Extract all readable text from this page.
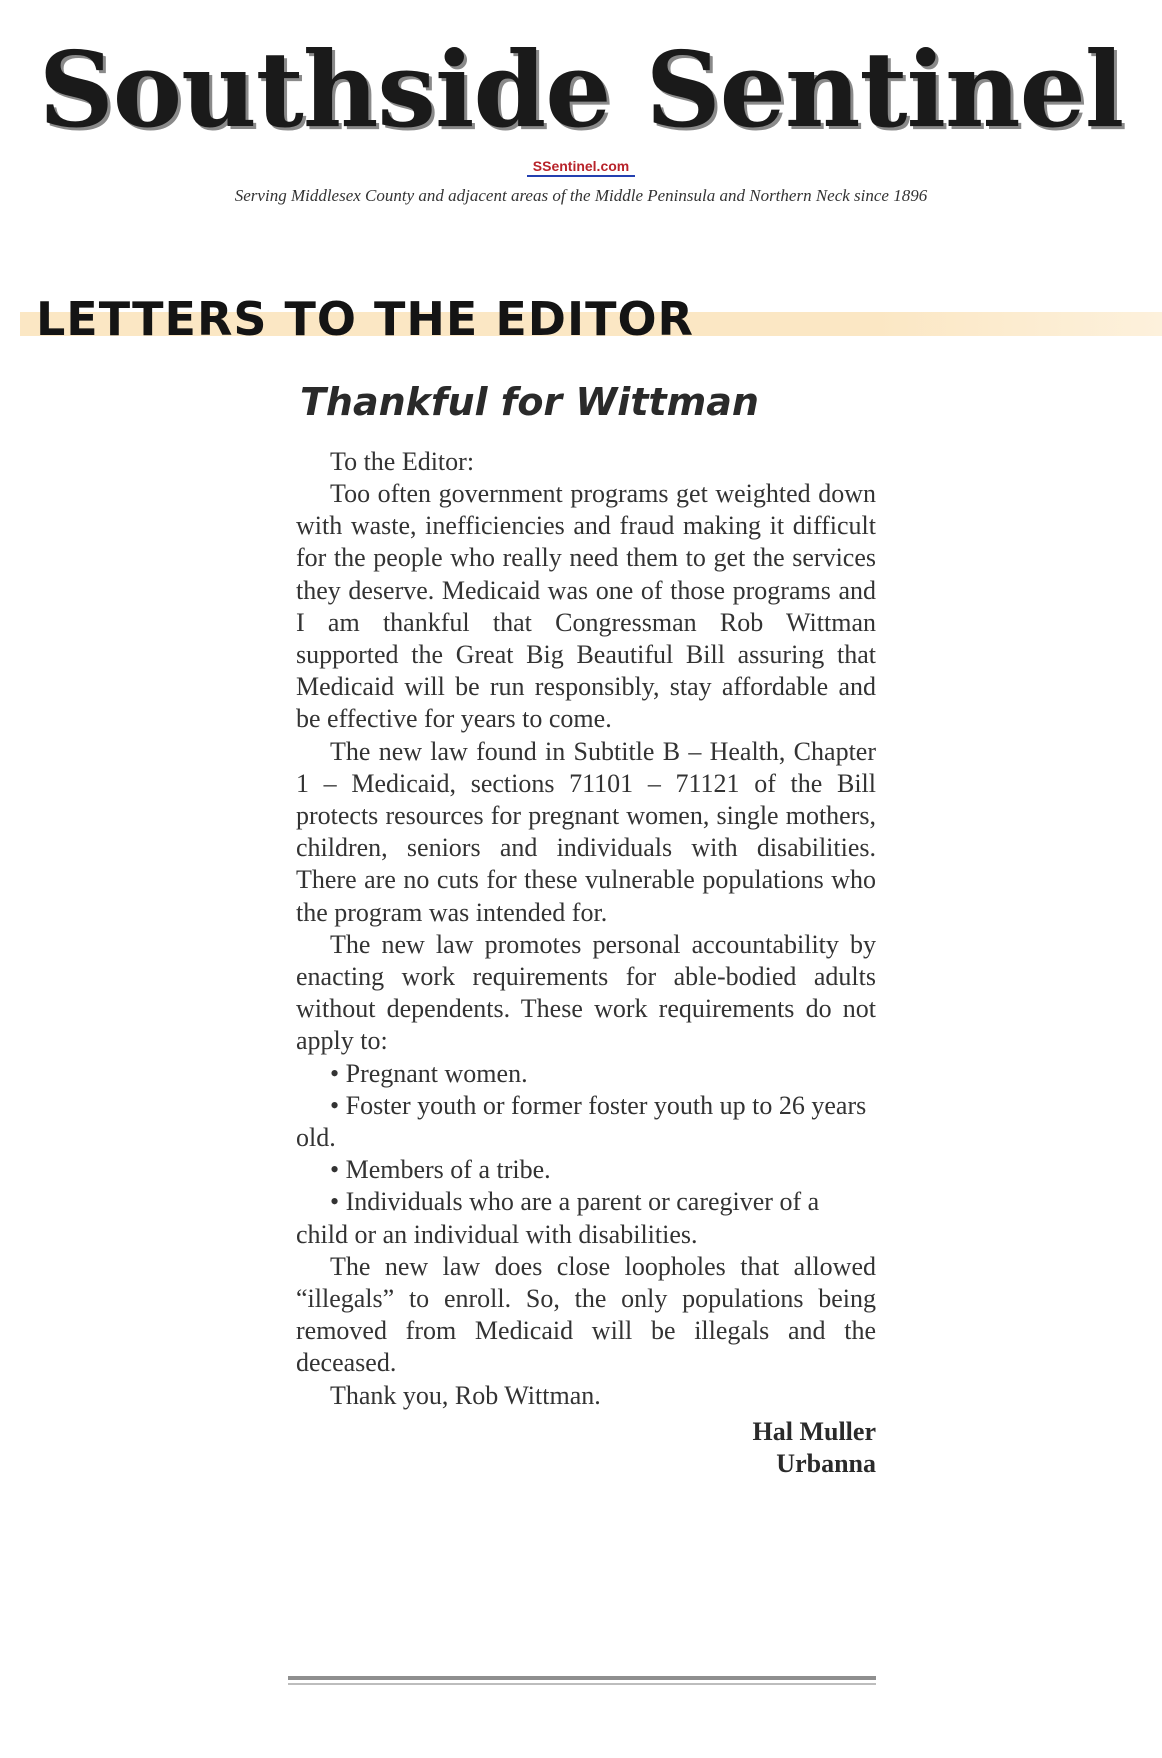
Southside Sentinel
SSentinel.com
Serving Middlesex County and adjacent areas of the Middle Peninsula and Northern Neck since 1896
LETTERS TO THE EDITOR
Thankful for Wittman

To the Editor:

Too often government programs get weighted down with waste, inefficiencies and fraud making it difficult for the people who really need them to get the services they deserve. Medicaid was one of those programs and I am thankful that Congressman Rob Wittman supported the Great Big Beautiful Bill assuring that Medicaid will be run responsibly, stay affordable and be effective for years to come.

The new law found in Subtitle B – Health, Chapter 1 – Medicaid, sections 71101 – 71121 of the Bill protects resources for pregnant women, single mothers, children, seniors and individuals with disabilities. There are no cuts for these vulnerable populations who the program was intended for.

The new law promotes personal accountability by enacting work requirements for able-bodied adults without dependents. These work requirements do not apply to:

• Pregnant women.

• Foster youth or former foster youth up to 26 years old.

• Members of a tribe.

• Individuals who are a parent or caregiver of a child or an individual with disabilities.

The new law does close loopholes that allowed “illegals” to enroll. So, the only populations being removed from Medicaid will be illegals and the deceased.

Thank you, Rob Wittman.

Hal Muller
Urbanna
